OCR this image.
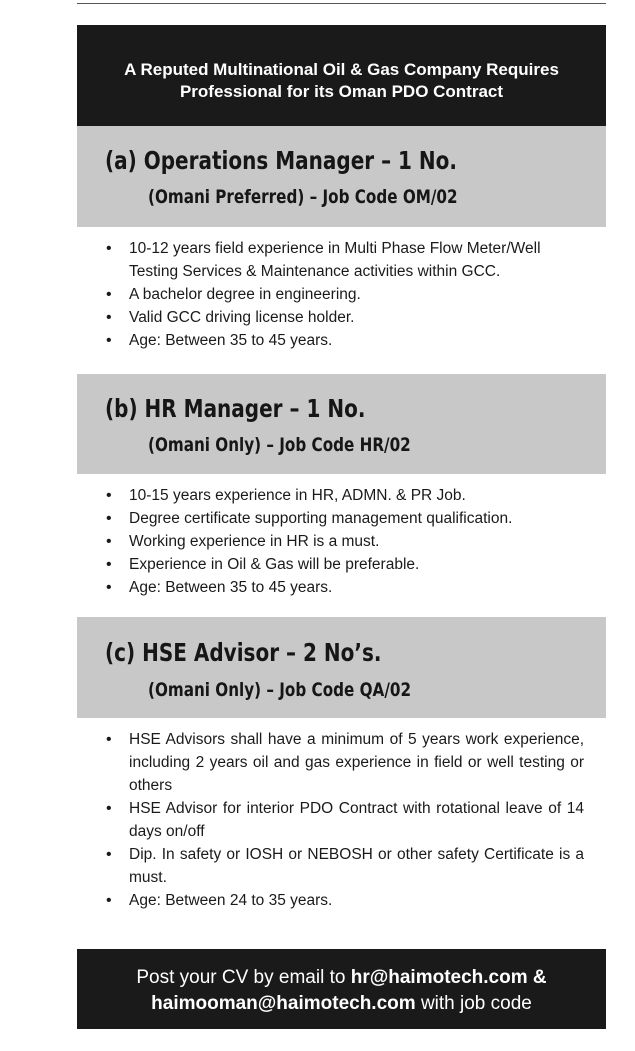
A Reputed Multinational Oil & Gas Company Requires
Professional for its Oman PDO Contract
(a) Operations Manager – 1 No.
(Omani Preferred) – Job Code OM/02
• 10-12 years field experience in Multi Phase Flow Meter/Well Testing Services & Maintenance activities within GCC.
• A bachelor degree in engineering.
• Valid GCC driving license holder.
• Age: Between 35 to 45 years.
(b) HR Manager – 1 No.
(Omani Only) – Job Code HR/02
• 10-15 years experience in HR, ADMN. & PR Job.
• Degree certificate supporting management qualification.
• Working experience in HR is a must.
• Experience in Oil & Gas will be preferable.
• Age: Between 35 to 45 years.
(c) HSE Advisor – 2 No’s.
(Omani Only) – Job Code QA/02
• HSE Advisors shall have a minimum of 5 years work experience, including 2 years oil and gas experience in field or well testing or others
• HSE Advisor for interior PDO Contract with rotational leave of 14 days on/off
• Dip. In safety or IOSH or NEBOSH or other safety Certificate is a must.
• Age: Between 24 to 35 years.
Post your CV by email to hr@haimotech.com &
haimooman@haimotech.com with job code
